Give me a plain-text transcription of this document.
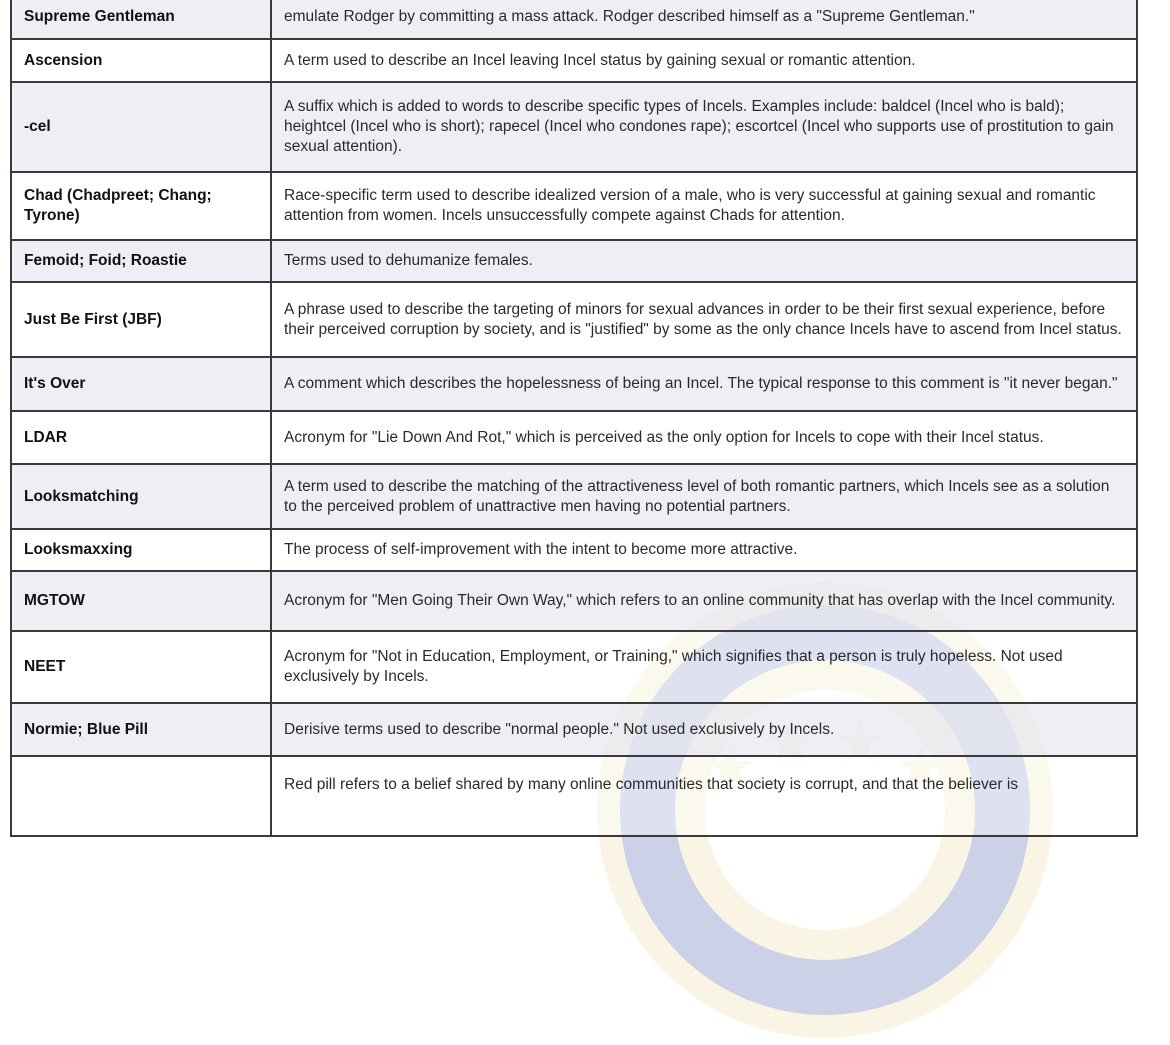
Supreme Gentleman	emulate Rodger by committing a mass attack. Rodger described himself as a "Supreme Gentleman."
Ascension	A term used to describe an Incel leaving Incel status by gaining sexual or romantic attention.
-cel	A suffix which is added to words to describe specific types of Incels. Examples include: baldcel (Incel who is bald); heightcel (Incel who is short); rapecel (Incel who condones rape); escortcel (Incel who supports use of prostitution to gain sexual attention).
Chad (Chadpreet; Chang; Tyrone)	Race-specific term used to describe idealized version of a male, who is very successful at gaining sexual and romantic attention from women. Incels unsuccessfully compete against Chads for attention.
Femoid; Foid; Roastie	Terms used to dehumanize females.
Just Be First (JBF)	A phrase used to describe the targeting of minors for sexual advances in order to be their first sexual experience, before their perceived corruption by society, and is "justified" by some as the only chance Incels have to ascend from Incel status.
It's Over	A comment which describes the hopelessness of being an Incel. The typical response to this comment is "it never began."
LDAR	Acronym for "Lie Down And Rot," which is perceived as the only option for Incels to cope with their Incel status.
Looksmatching	A term used to describe the matching of the attractiveness level of both romantic partners, which Incels see as a solution to the perceived problem of unattractive men having no potential partners.
Looksmaxxing	The process of self-improvement with the intent to become more attractive.
MGTOW	Acronym for "Men Going Their Own Way," which refers to an online community that has overlap with the Incel community.
NEET	Acronym for "Not in Education, Employment, or Training," which signifies that a person is truly hopeless. Not used exclusively by Incels.
Normie; Blue Pill	Derisive terms used to describe "normal people." Not used exclusively by Incels.
	Red pill refers to a belief shared by many online communities that society is corrupt, and that the believer is
